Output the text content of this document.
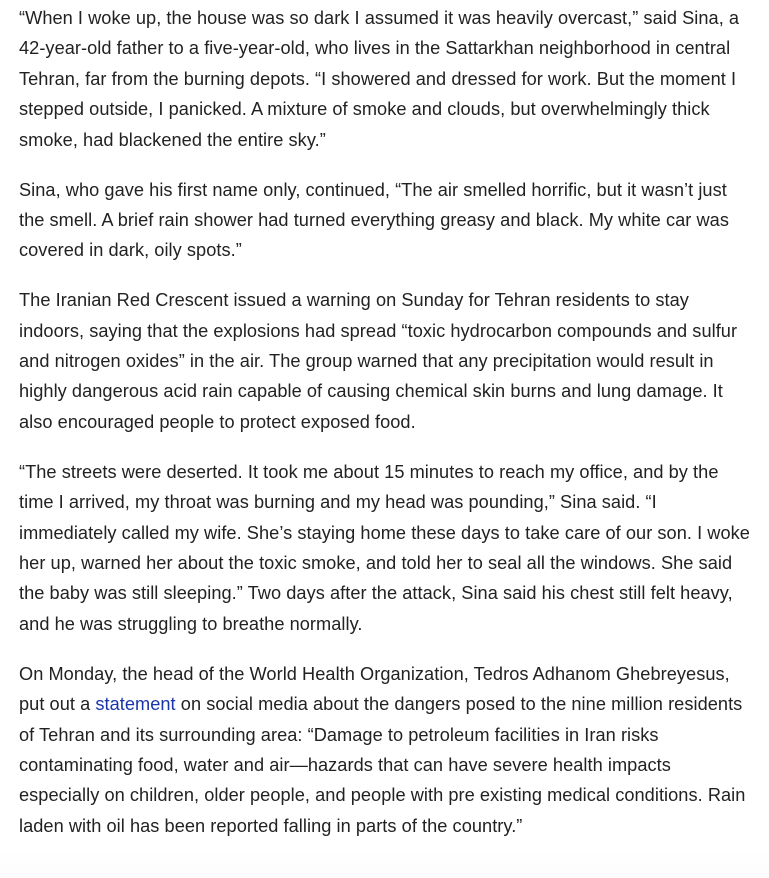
“When I woke up, the house was so dark I assumed it was heavily overcast,” said Sina, a 42-year-old father to a five-year-old, who lives in the Sattarkhan neighborhood in central Tehran, far from the burning depots. “I showered and dressed for work. But the moment I stepped outside, I panicked. A mixture of smoke and clouds, but overwhelmingly thick smoke, had blackened the entire sky.”

Sina, who gave his first name only, continued, “The air smelled horrific, but it wasn’t just the smell. A brief rain shower had turned everything greasy and black. My white car was covered in dark, oily spots.”

The Iranian Red Crescent issued a warning on Sunday for Tehran residents to stay indoors, saying that the explosions had spread “toxic hydrocarbon compounds and sulfur and nitrogen oxides” in the air. The group warned that any precipitation would result in highly dangerous acid rain capable of causing chemical skin burns and lung damage. It also encouraged people to protect exposed food.

“The streets were deserted. It took me about 15 minutes to reach my office, and by the time I arrived, my throat was burning and my head was pounding,” Sina said. “I immediately called my wife. She’s staying home these days to take care of our son. I woke her up, warned her about the toxic smoke, and told her to seal all the windows. She said the baby was still sleeping.” Two days after the attack, Sina said his chest still felt heavy, and he was struggling to breathe normally.

On Monday, the head of the World Health Organization, Tedros Adhanom Ghebreyesus, put out a statement on social media about the dangers posed to the nine million residents of Tehran and its surrounding area: “Damage to petroleum facilities in Iran risks contaminating food, water and air—hazards that can have severe health impacts especially on children, older people, and people with pre existing medical conditions. Rain laden with oil has been reported falling in parts of the country.”
